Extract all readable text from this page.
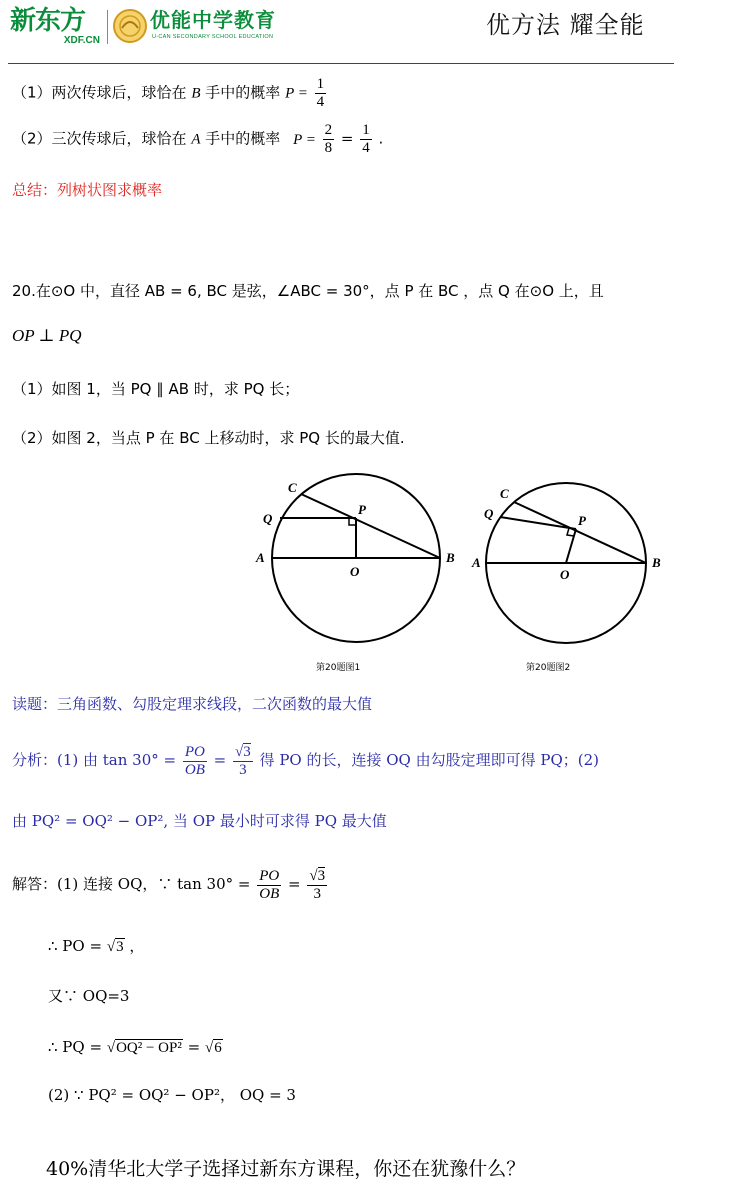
新东方
XDF.CN
优能中学教育
U-CAN SECONDARY SCHOOL EDUCATION	优方法 耀全能
（1）两次传球后，球恰在 B 手中的概率 $P = \frac{1}{4}$
（2）三次传球后，球恰在 A 手中的概率 $P = \frac{2}{8} = \frac{1}{4}$ .
总结：列树状图求概率
20.在⊙O 中，直径 AB = 6, BC 是弦，∠ABC = 30°，点 P 在 BC ，点 Q 在⊙O 上，且
OP ⊥ PQ
（1）如图 1，当 PQ ∥ AB 时，求 PQ 长；
（2）如图 2，当点 P 在 BC 上移动时，求 PQ 长的最大值.
C
Q
P
A
O
B
第20题图1
C
Q	P
A
O
B
第20题图2
读题：三角函数、勾股定理求线段，二次函数的最大值
分析：(1) 由 $\tan 30^\circ = \frac{PO}{OB} = \frac{√3}{3}$ 得 PO 的长，连接 OQ 由勾股定理即可得 PQ；(2)
由 PQ² = OQ² − OP², 当 OP 最小时可求得 PQ 最大值
解答：(1) 连接 OQ，∵ $\tan 30^\circ = \frac{PO}{OB} = \frac{√3}{3}$
∴ PO = √3 ，
又∵ OQ=3
∴ PQ = √OQ² − OP² = √6
(2) ∵ PQ² = OQ² − OP²， OQ = 3
40%清华北大学子选择过新东方课程，你还在犹豫什么？
